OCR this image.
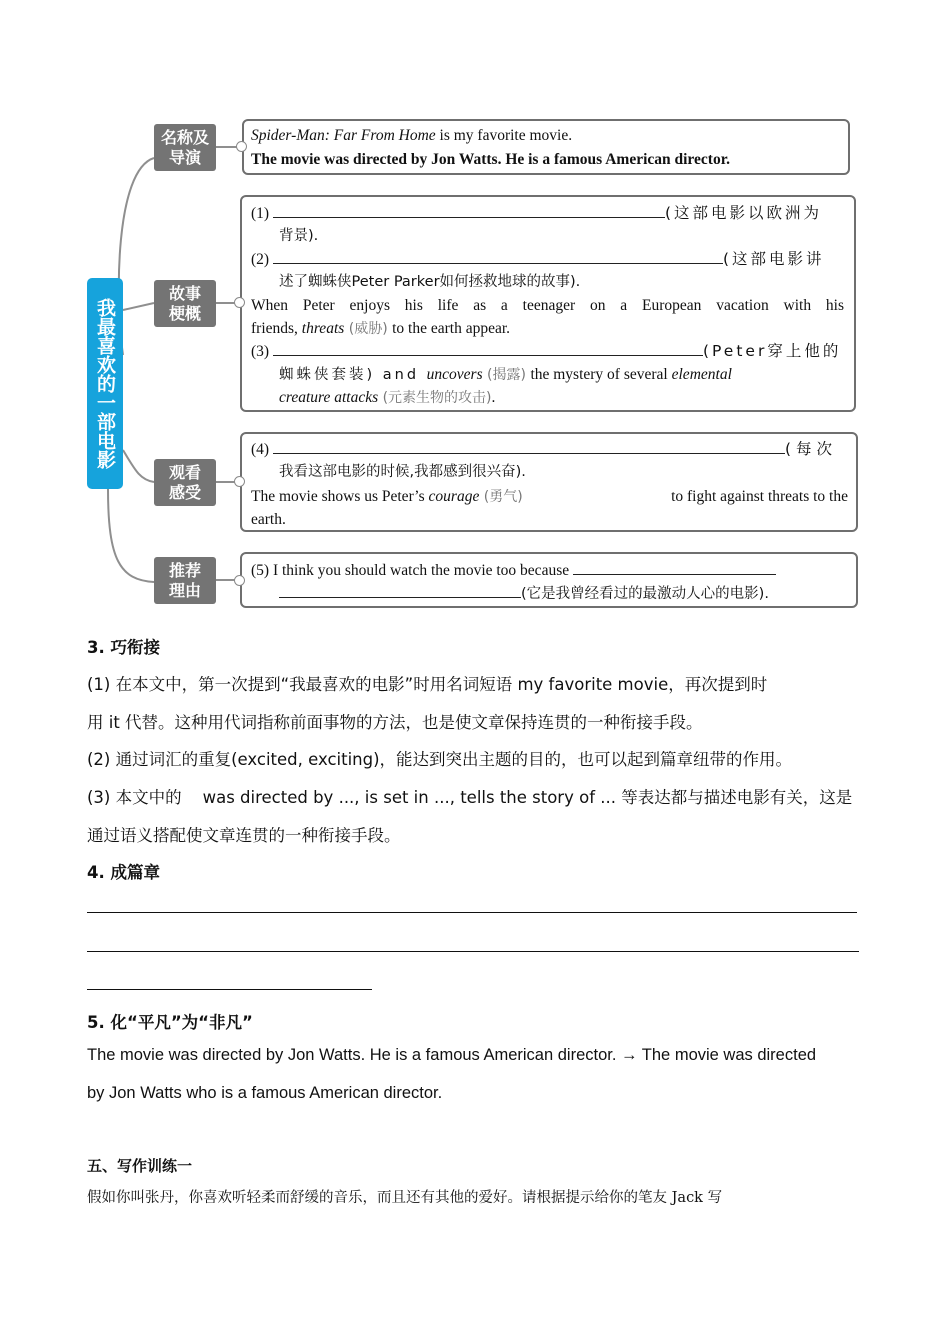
我最喜欢的一部电影
名称及
导演
故事
梗概
观看
感受
推荐
理由
Spider-Man: Far From Home is my favorite movie.
The movie was directed by Jon Watts. He is a famous American director.
(1)	(这部电影以欧洲为
背景).
(2)	(这部电影讲
述了蜘蛛侠Peter Parker如何拯救地球的故事).
When Peter enjoys his life as a teenager on a European vacation with his
friends, threats (威胁) to the earth appear.
(3)	(Peter穿上他的
蜘蛛侠套装) and uncovers (揭露) the mystery of several elemental
creature attacks (元素生物的攻击).
(4)	(每次
我看这部电影的时候,我都感到很兴奋).
The movie shows us Peter’s courage (勇气)	to fight against threats to the
earth.
(5) I think you should watch the movie too because
(它是我曾经看过的最激动人心的电影).
3. 巧衔接
(1) 在本文中，第一次提到“我最喜欢的电影”时用名词短语 my favorite movie，再次提到时
用 it 代替。这种用代词指称前面事物的方法，也是使文章保持连贯的一种衔接手段。
(2) 通过词汇的重复(excited, exciting)，能达到突出主题的目的，也可以起到篇章纽带的作用。
(3) 本文中的    was directed by ..., is set in ..., tells the story of ... 等表达都与描述电影有关，这是
通过语义搭配使文章连贯的一种衔接手段。
4. 成篇章
5. 化“平凡”为“非凡”
The movie was directed by Jon Watts. He is a famous American director. → The movie was directed
by Jon Watts who is a famous American director.
五、写作训练一
假如你叫张丹，你喜欢听轻柔而舒缓的音乐，而且还有其他的爱好。请根据提示给你的笔友 Jack 写
